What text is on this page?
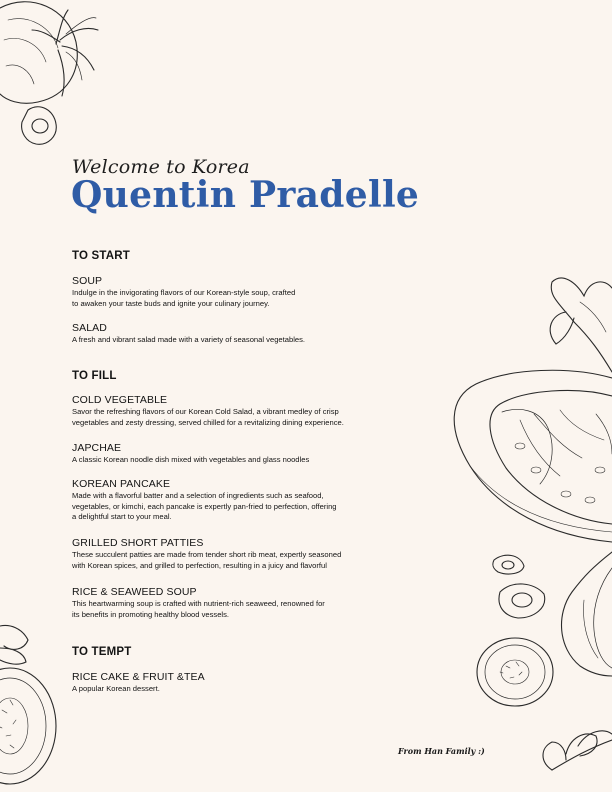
Welcome to Korea
Quentin Pradelle
TO START
SOUP
Indulge in the invigorating flavors of our Korean-style soup, crafted
to awaken your taste buds and ignite your culinary journey.
SALAD
A fresh and vibrant salad made with a variety of seasonal vegetables.
TO FILL
COLD VEGETABLE
Savor the refreshing flavors of our Korean Cold Salad, a vibrant medley of crisp
vegetables and zesty dressing, served chilled for a revitalizing dining experience.
JAPCHAE
A classic Korean noodle dish mixed with vegetables and glass noodles
KOREAN PANCAKE
Made with a flavorful batter and a selection of ingredients such as seafood,
vegetables, or kimchi, each pancake is expertly pan-fried to perfection, offering
a delightful start to your meal.
GRILLED SHORT PATTIES
These succulent patties are made from tender short rib meat, expertly seasoned
with Korean spices, and grilled to perfection, resulting in a juicy and flavorful
RICE & SEAWEED SOUP
This heartwarming soup is crafted with nutrient-rich seaweed, renowned for
its benefits in promoting healthy blood vessels.
TO TEMPT
RICE CAKE & FRUIT &TEA
A popular Korean dessert.
From Han Family :)
